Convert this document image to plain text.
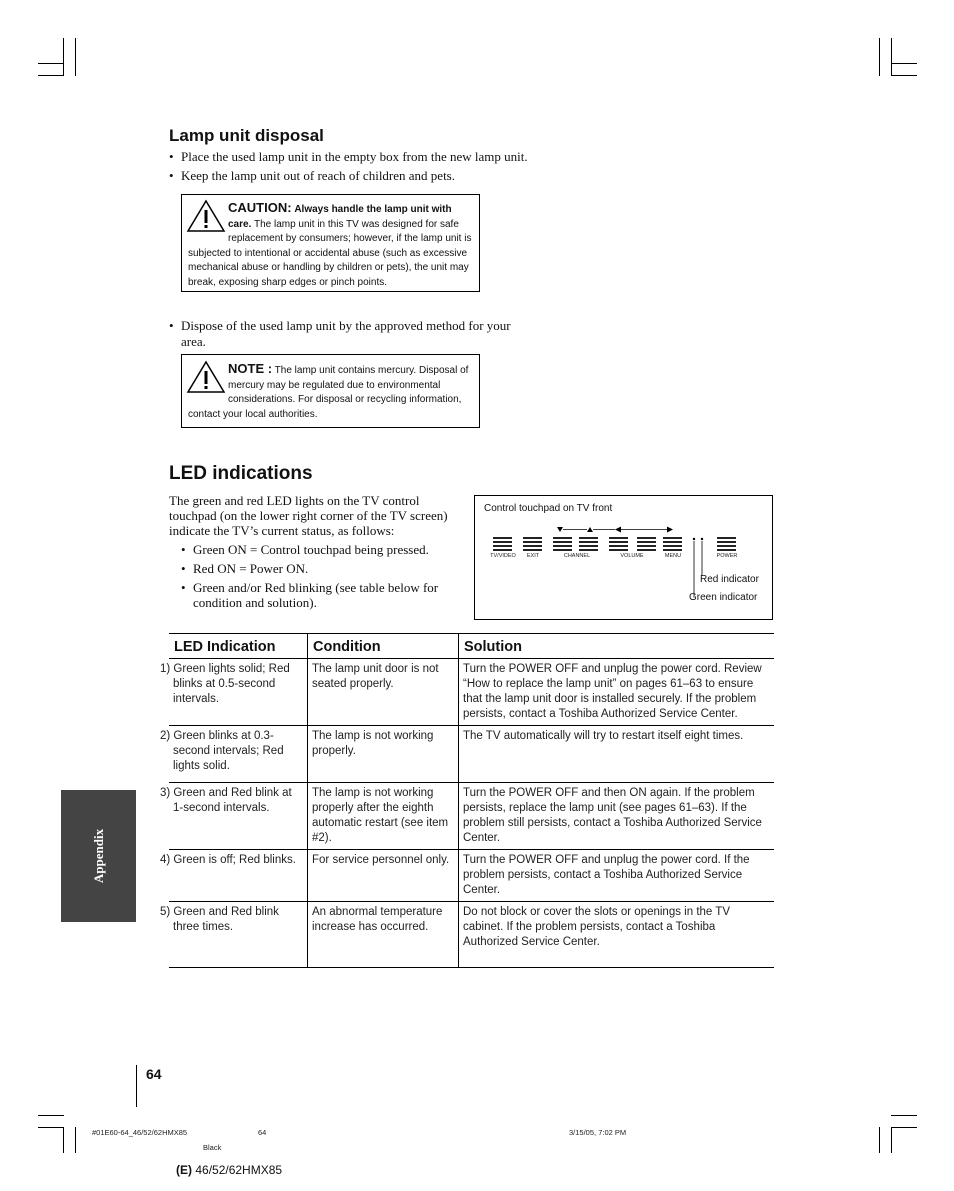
Lamp unit disposal
• Place the used lamp unit in the empty box from the new lamp unit.
• Keep the lamp unit out of reach of children and pets.
CAUTION: Always handle the lamp unit with care. The lamp unit in this TV was designed for safe replacement by consumers; however, if the lamp unit is subjected to intentional or accidental abuse (such as excessive mechanical abuse or handling by children or pets), the unit may break, exposing sharp edges or pinch points.
• Dispose of the used lamp unit by the approved method for your area.
NOTE : The lamp unit contains mercury. Disposal of mercury may be regulated due to environmental considerations. For disposal or recycling information, contact your local authorities.
LED indications
The green and red LED lights on the TV control touchpad (on the lower right corner of the TV screen) indicate the TV’s current status, as follows:
• Green ON = Control touchpad being pressed.
• Red ON = Power ON.
• Green and/or Red blinking (see table below for condition and solution).
Control touchpad on TV front
TV/VIDEO	EXIT	CHANNEL	VOLUME	MENU	POWER
Red indicator
Green indicator
LED Indication	Condition	Solution
1) Green lights solid; Red blinks at 0.5-second intervals.	The lamp unit door is not seated properly.	Turn the POWER OFF and unplug the power cord. Review “How to replace the lamp unit” on pages 61–63 to ensure that the lamp unit door is installed securely. If the problem persists, contact a Toshiba Authorized Service Center.
2) Green blinks at 0.3-second intervals; Red lights solid.	The lamp is not working properly.	The TV automatically will try to restart itself eight times.
3) Green and Red blink at 1-second intervals.	The lamp is not working properly after the eighth automatic restart (see item #2).	Turn the POWER OFF and then ON again. If the problem persists, replace the lamp unit (see pages 61–63). If the problem still persists, contact a Toshiba Authorized Service Center.
4) Green is off; Red blinks.	For service personnel only.	Turn the POWER OFF and unplug the power cord. If the problem persists, contact a Toshiba Authorized Service Center.
5) Green and Red blink three times.	An abnormal temperature increase has occurred.	Do not block or cover the slots or openings in the TV cabinet. If the problem persists, contact a Toshiba Authorized Service Center.
Appendix
64
#01E60-64_46/52/62HMX85	64	3/15/05, 7:02 PM
Black
(E) 46/52/62HMX85
